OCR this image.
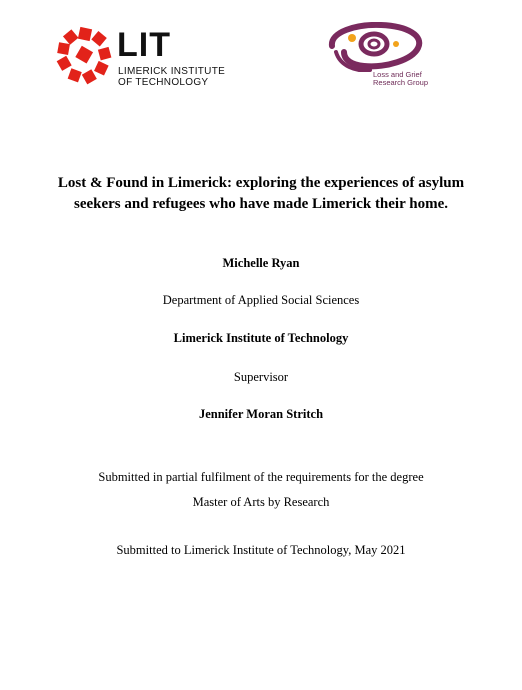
LIT
LIMERICK INSTITUTE
OF TECHNOLOGY
Loss and Grief
Research Group
Lost & Found in Limerick: exploring the experiences of asylum
seekers and refugees who have made Limerick their home.
Michelle Ryan
Department of Applied Social Sciences
Limerick Institute of Technology
Supervisor
Jennifer Moran Stritch
Submitted in partial fulfilment of the requirements for the degree
Master of Arts by Research
Submitted to Limerick Institute of Technology, May 2021
